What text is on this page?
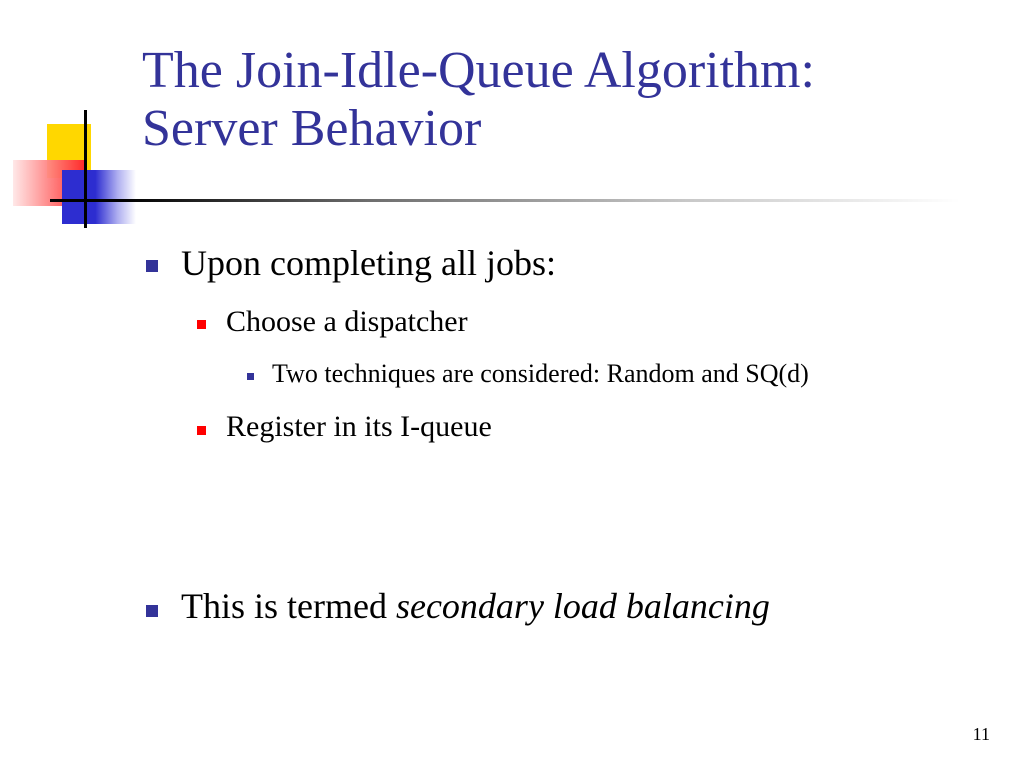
The Join-Idle-Queue Algorithm:
Server Behavior
Upon completing all jobs:
Choose a dispatcher
Two techniques are considered: Random and SQ(d)
Register in its I-queue
This is termed secondary load balancing
11
